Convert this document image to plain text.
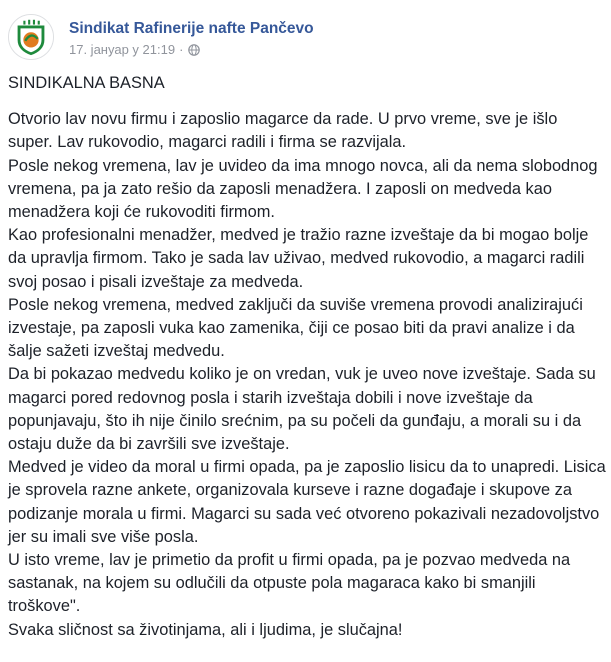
Sindikat Rafinerije nafte Pančevo
17. јануар у 21:19 ·

SINDIKALNA BASNA

Otvorio lav novu firmu i zaposlio magarce da rade. U prvo vreme, sve je išlo super. Lav rukovodio, magarci radili i firma se razvijala.

Posle nekog vremena, lav je uvideo da ima mnogo novca, ali da nema slobodnog vremena, pa ja zato rešio da zaposli menadžera. I zaposli on medveda kao menadžera koji će rukovoditi firmom.

Kao profesionalni menadžer, medved je tražio razne izveštaje da bi mogao bolje da upravlja firmom. Tako je sada lav uživao, medved rukovodio, a magarci radili svoj posao i pisali izveštaje za medveda.

Posle nekog vremena, medved zaključi da suviše vremena provodi analizirajući izvestaje, pa zaposli vuka kao zamenika, čiji ce posao biti da pravi analize i da šalje sažeti izveštaj medvedu.

Da bi pokazao medvedu koliko je on vredan, vuk je uveo nove izveštaje. Sada su magarci pored redovnog posla i starih izveštaja dobili i nove izveštaje da popunjavaju, što ih nije činilo srećnim, pa su počeli da gunđaju, a morali su i da ostaju duže da bi završili sve izveštaje.

Medved je video da moral u firmi opada, pa je zaposlio lisicu da to unapredi. Lisica je sprovela razne ankete, organizovala kurseve i razne događaje i skupove za podizanje morala u firmi. Magarci su sada već otvoreno pokazivali nezadovoljstvo jer su imali sve više posla.

U isto vreme, lav je primetio da profit u firmi opada, pa je pozvao medveda na sastanak, na kojem su odlučili da otpuste pola magaraca kako bi smanjili troškove".

Svaka sličnost sa životinjama, ali i ljudima, je slučajna!
